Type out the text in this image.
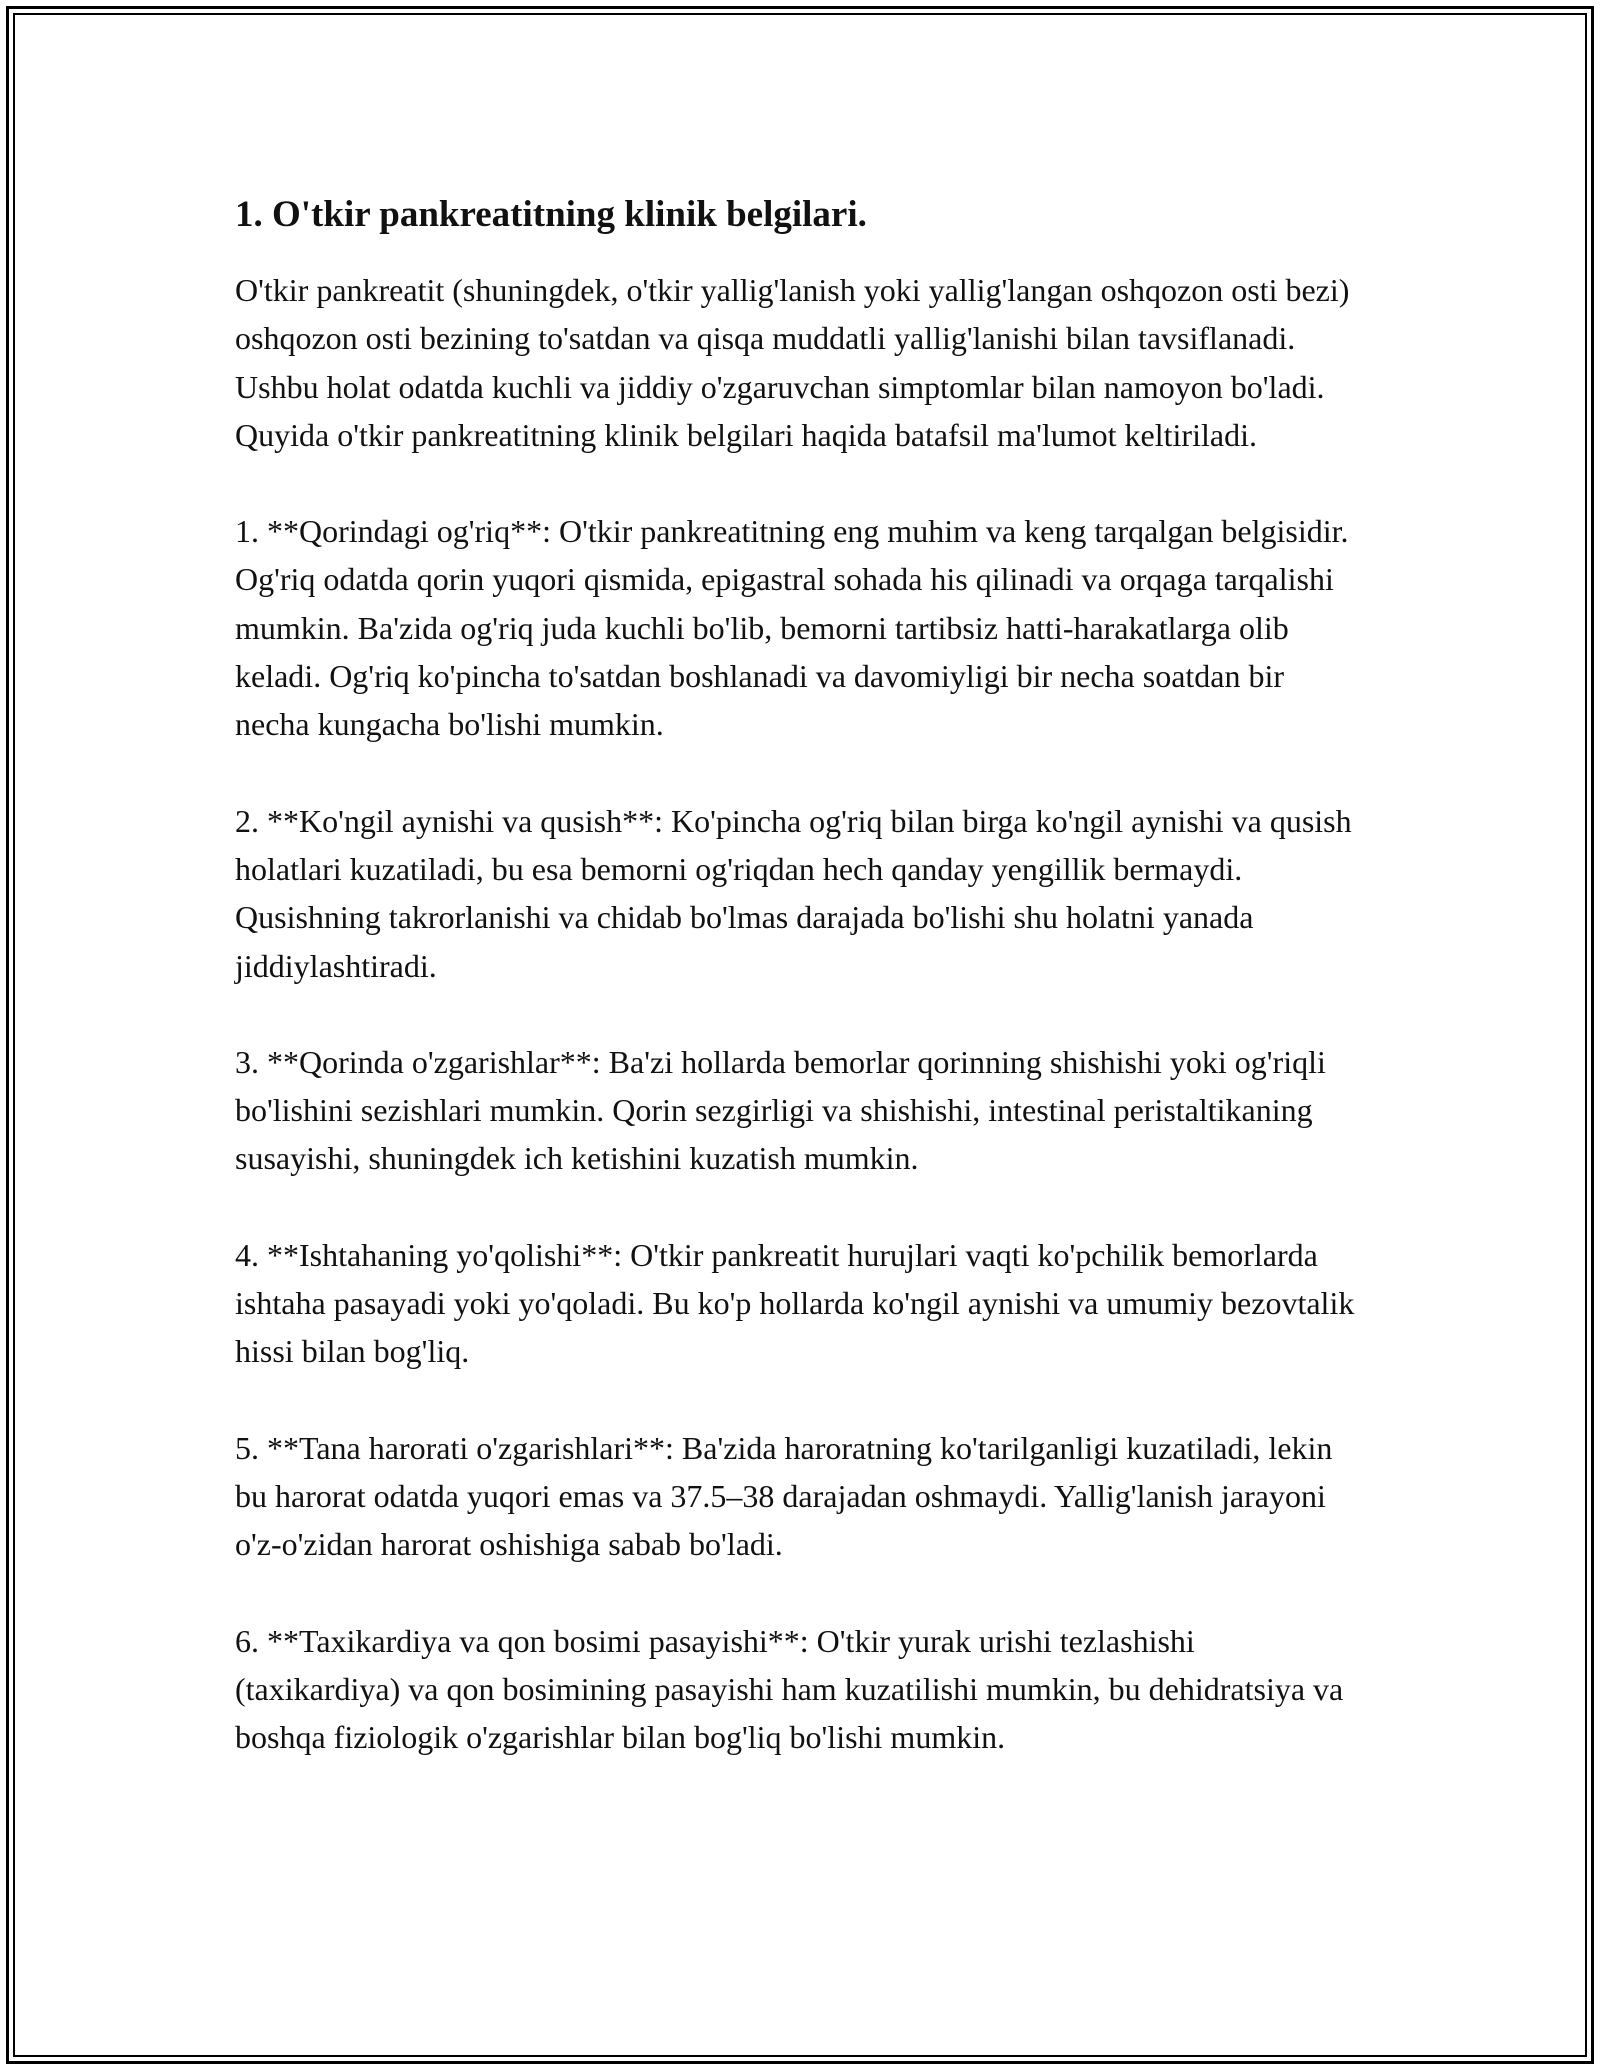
1. O'tkir pankreatitning klinik belgilari.

O'tkir pankreatit (shuningdek, o'tkir yallig'lanish yoki yallig'langan oshqozon osti bezi) oshqozon osti bezining to'satdan va qisqa muddatli yallig'lanishi bilan tavsiflanadi. Ushbu holat odatda kuchli va jiddiy o'zgaruvchan simptomlar bilan namoyon bo'ladi. Quyida o'tkir pankreatitning klinik belgilari haqida batafsil ma'lumot keltiriladi.

1. **Qorindagi og'riq**: O'tkir pankreatitning eng muhim va keng tarqalgan belgisidir. Og'riq odatda qorin yuqori qismida, epigastral sohada his qilinadi va orqaga tarqalishi mumkin. Ba'zida og'riq juda kuchli bo'lib, bemorni tartibsiz hatti-harakatlarga olib keladi. Og'riq ko'pincha to'satdan boshlanadi va davomiyligi bir necha soatdan bir necha kungacha bo'lishi mumkin.

2. **Ko'ngil aynishi va qusish**: Ko'pincha og'riq bilan birga ko'ngil aynishi va qusish holatlari kuzatiladi, bu esa bemorni og'riqdan hech qanday yengillik bermaydi. Qusishning takrorlanishi va chidab bo'lmas darajada bo'lishi shu holatni yanada jiddiylashtiradi.

3. **Qorinda o'zgarishlar**: Ba'zi hollarda bemorlar qorinning shishishi yoki og'riqli bo'lishini sezishlari mumkin. Qorin sezgirligi va shishishi, intestinal peristaltikaning susayishi, shuningdek ich ketishini kuzatish mumkin.

4. **Ishtahaning yo'qolishi**: O'tkir pankreatit hurujlari vaqti ko'pchilik bemorlarda ishtaha pasayadi yoki yo'qoladi. Bu ko'p hollarda ko'ngil aynishi va umumiy bezovtalik hissi bilan bog'liq.

5. **Tana harorati o'zgarishlari**: Ba'zida haroratning ko'tarilganligi kuzatiladi, lekin bu harorat odatda yuqori emas va 37.5–38 darajadan oshmaydi. Yallig'lanish jarayoni o'z-o'zidan harorat oshishiga sabab bo'ladi.

6. **Taxikardiya va qon bosimi pasayishi**: O'tkir yurak urishi tezlashishi (taxikardiya) va qon bosimining pasayishi ham kuzatilishi mumkin, bu dehidratsiya va boshqa fiziologik o'zgarishlar bilan bog'liq bo'lishi mumkin.
